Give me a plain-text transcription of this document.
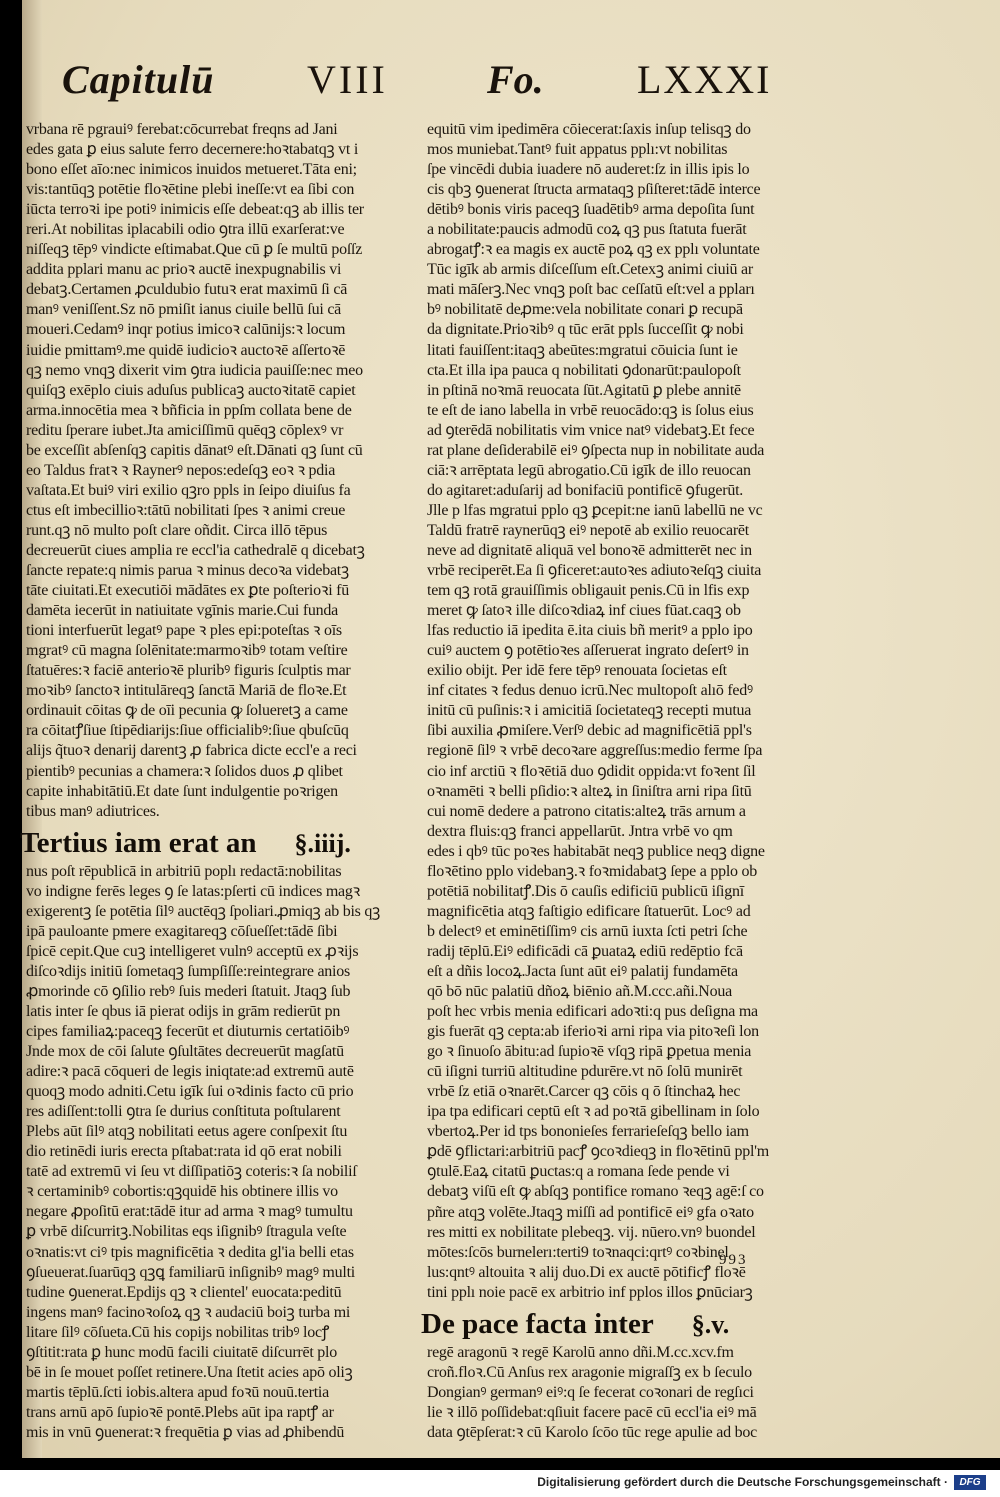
Capitulū VIII Fo. LXXXI
vrbana rē pgrauiꝰ ferebat:cōcurrebat freqns ad Jani
edes gata ꝑ eius salute ferro decernere:hoꝛtabatqꝫ vt i
bono eſſet aīo:nec inimicos inuidos metueret.Tāta eni;
vis:tantūqꝫ potētie floꝛētine plebi ineſſe:vt ea ſibi con
iūcta terroꝛi ipe potiꝰ inimicis eſſe debeat:qꝫ ab illis ter
reri.At nobilitas iplacabili odio ꝯtra illū exarſerat:ve
niſſeqꝫ tēpꝰ vindicte eſtimabat.Que cū ꝑ ſe multū poſſz
addita pplari manu ac prioꝛ auctē inexpugnabilis vi
debatꝫ.Certamen ꝓculdubio futuꝛ erat maximū ſi cā
manꝰ veniſſent.Sz nō pmiſit ianus ciuile bellū ſui cā
moueri.Cedamꝰ inqr potius imicoꝛ calūnijs:ꝛ locum
iuidie pmittamꝰ.me quidē iudicioꝛ auctoꝛē aſſertoꝛē
qꝫ nemo vnqꝫ dixerit vim ꝯtra iudicia pauiſſe:nec meo
quiſqꝫ exēplo ciuis aduſus publicaꝫ auctoꝛitatē capiet
arma.innocētia mea ꝛ bñficia in ppſm collata bene de
reditu ſperare iubet.Jta amiciſſimū quēqꝫ cōplexꝰ vr
be exceſſit abſenſqꝫ capitis dānatꝰ eſt.Dānati qꝫ ſunt cū
eo Taldus fratꝛ ꝛ Raynerꝰ nepos:edeſqꝫ eoꝛ ꝛ pdia
vaſtata.Et buiꝰ viri exilio qꝫro ppls in ſeipo diuiſus fa
ctus eſt imbecillioꝛ:tātū nobilitati ſpes ꝛ animi creue
runt.qꝫ nō multo poſt clare oñdit. Circa illō tēpus
decreuerūt ciues amplia re eccl'ia cathedralē q dicebatꝫ
ſancte repate:q nimis parua ꝛ minus decoꝛa videbatꝫ
tāte ciuitati.Et executiōi mādātes ex ꝑte poſterioꝛi fū
damēta iecerūt in natiuitate vgīnis marie.Cui funda
tioni interfuerūt legatꝰ pape ꝛ ples epi:poteſtas ꝛ oīs
mgratꝰ cū magna ſolēnitate:marmoꝛibꝰ totam veſtire
ſtatuēres:ꝛ faciē anterioꝛē pluribꝰ figuris ſculptis mar
moꝛibꝰ ſanctoꝛ intitulāreqꝫ ſanctā Mariā de floꝛe.Et
ordinauit cōitas ꝙ de oīi pecunia ꝙ ſolueretꝫ a came
ra cōitatꝭſiue ſtipēdiarijs:ſiue officialibꝰ:ſiue qbuſcūq
alijs q̃tuoꝛ denarij darentꝫ ꝓ fabrica dicte eccl'e a reci
pientibꝰ pecunias a chamera:ꝛ ſolidos duos ꝓ qlibet
capite inhabitātiū.Et date ſunt indulgentie poꝛrigen
tibus manꝰ adiutrices.
Tertius iam erat an §.iiij.
nus poſt rēpublicā in arbitriū poplı redactā:nobilitas
vo indigne ferēs leges ꝯ ſe latas:pſerti cū indices magꝛ
exigerentꝫ ſe potētia ſilꝰ auctēqꝫ ſpoliari.ꝓmiqꝫ ab bis qꝫ
ipā pauloante pmere exagitareqꝫ cōſueſſet:tādē ſibi
ſpicē cepit.Que cuꝫ intelligeret vulnꝰ acceptū ex ꝓꝛijs
diſcoꝛdijs initiū ſometaqꝫ ſumpſiſſe:reintegrare anios
ꝓmorinde cō ꝯſilio rebꝰ ſuis mederi ſtatuit. Jtaqꝫ ſub
latis inter ſe qbus iā pierat odijs in grām redierūt pn
cipes familiaꝝ:paceqꝫ fecerūt et diuturnis certatiōibꝰ
Jnde mox de cōi ſalute ꝯſultātes decreuerūt magſatū
adire:ꝛ pacā cōqueri de legis iniqtate:ad extremū autē
quoqꝫ modo adniti.Cetu igīk ſui oꝛdinis facto cū prio
res adiſſent:tolli ꝯtra ſe durius conſtituta poſtularent
Plebs aūt ſilꝰ atqꝫ nobilitati eetus agere conſpexit ſtu
dio retinēdi iuris erecta pſtabat:rata id qō erat nobili
tatē ad extremū vi ſeu vt diſſipatiōꝫ coteris:ꝛ ſa nobiliſ
ꝛ certaminibꝰ cobortis:qꝫquidē his obtinere illis vo
negare ꝓpoſitū erat:tādē itur ad arma ꝛ magꝰ tumultu
ꝑ vrbē diſcurritꝫ.Nobilitas eqs iſignibꝰ ſtragula veſte
oꝛnatis:vt ciꝰ tpis magnificētia ꝛ dedita gl'ia belli etas
ꝯſueuerat.ſuarūqꝫ qꝫꝗ familiarū inſignibꝰ magꝰ multi
tudine ꝯuenerat.Epdijs qꝫ ꝛ clientel' euocata:peditū
ingens manꝰ facinoꝛoſoꝝ qꝫ ꝛ audaciū boiꝫ turba mi
litare ſilꝰ cōſueta.Cū his copijs nobilitas tribꝰ locꝭ
ꝯſtitit:rata ꝑ hunc modū facili ciuitatē diſcurrēt plo
bē in ſe mouet poſſet retinere.Una ſtetit acies apō oliꝫ
martis tēplū.ſcti iobis.altera apud foꝛū nouū.tertia
trans arnū apō ſupioꝛē pontē.Plebs aūt ipa raptꝭ ar
mis in vnū ꝯuenerat:ꝛ frequētia ꝑ vias ad ꝓhibendū
equitū vim ipedimēra cōiecerat:ſaxis inſup telisqꝫ do
mos muniebat.Tantꝰ fuit appatus pplı:vt nobilitas
ſpe vincēdi dubia iuadere nō auderet:ſz in illis ipis lo
cis qbꝫ ꝯuenerat ſtructa armataqꝫ pſiſteret:tādē interce
dētibꝰ bonis viris paceqꝫ ſuadētibꝰ arma depoſita ſunt
a nobilitate:paucis admodū coꝝ qꝫ pus ſtatuta fuerāt
abrogatꝭ:ꝛ ea magis ex auctē poꝝ qꝫ ex pplı voluntate
Tūc igīk ab armis diſceſſum eſt.Cetexꝫ animi ciuiū ar
mati māſerꝫ.Nec vnqꝫ poſt bac ceſſatū eſt:vel a ppları
bꝰ nobilitatē deꝓme:vela nobilitate conari ꝑ recupā
da dignitate.Prioꝛibꝰ q tūc erāt ppls ſucceſſit ꝙ nobi
litati fauiſſent:itaqꝫ abeūtes:mgratui cōuicia ſunt ie
cta.Et illa ipa pauca q nobilitati ꝯdonarūt:paulopoſt
in pſtinā noꝛmā reuocata ſūt.Agitatū ꝑ plebe annitē
te eſt de iano labella in vrbē reuocādo:qꝫ is ſolus eius
ad ꝯterēdā nobilitatis vim vnice natꝰ videbatꝫ.Et fece
rat plane deſiderabilē eiꝰ ꝯſpecta nup in nobilitate auda
ciā:ꝛ arrēptata legū abrogatio.Cū igīk de illo reuocan
do agitaret:aduſarij ad bonifaciū pontificē ꝯfugerūt.
Jlle p lfas mgratui pplo qꝫ ꝑcepit:ne ianū labellū ne vc
Taldū fratrē raynerūqꝫ eiꝰ nepotē ab exilio reuocarēt
neve ad dignitatē aliquā vel bonoꝛē admitterēt nec in
vrbē reciperēt.Ea ſi ꝯficeret:autoꝛes adiutoꝛeſqꝫ ciuita
tem qꝫ rotā grauiſſimis obligauit penis.Cū in lfis exp
meret ꝙ ſatoꝛ ille diſcoꝛdiaꝝ inf ciues fūat.caqꝫ ob
lfas reductio iā ipedita ē.ita ciuis bñ meritꝰ a pplo ipo
cuiꝰ auctem ꝯ potētioꝛes aſſeruerat ingrato deſertꝰ in
exilio obijt. Per idē fere tēpꝰ renouata ſocietas eſt
inf citates ꝛ fedus denuo icrū.Nec multopoſt alıō fedꝰ
initū cū puſinis:ꝛ i amicitiā ſocietateqꝫ recepti mutua
ſibi auxilia ꝓmiſere.Verſꝰ debic ad magnificētiā ppl's
regionē ſilꝰ ꝛ vrbē decoꝛare aggreſſus:medio ferme ſpa
cio inf arctiū ꝛ floꝛētiā duo ꝯdidit oppida:vt foꝛent ſil
oꝛnamēti ꝛ belli pſidio:ꝛ alteꝝ in ſiniſtra arni ripa ſitū
cui nomē dedere a patrono citatis:alteꝝ trās arnum a
dextra fluis:qꝫ franci appellarūt. Jntra vrbē vo qm
edes i qbꝰ tūc poꝛes habitabāt neqꝫ publice neqꝫ digne
floꝛētino pplo videbanꝫ.ꝛ foꝛmidabatꝫ ſepe a pplo ob
potētiā nobilitatꝭ.Dis ō cauſis edificiū publicū iſignī
magnificētia atqꝫ faſtigio edificare ſtatuerūt. Locꝰ ad
b delectꝰ et eminētiſſimꝰ cis arnū iuxta ſcti petri ſche
radij tēplū.Eiꝰ edificādi cā ꝑuataꝝ ediū redēptio fcā
eſt a dñis locoꝝ.Jacta ſunt aūt eiꝰ palatij fundamēta
qō bō nūc palatiū dñoꝝ biēnio añ.M.ccc.añi.Noua
poſt hec vrbis menia edificari adoꝛti:q pus deſigna ma
gis fuerāt qꝫ cepta:ab iferioꝛi arni ripa via pitoꝛeſi lon
go ꝛ ſinuoſo ābitu:ad ſupioꝛē vſqꝫ ripā ꝑpetua menia
cū iſigni turriū altitudine pdurēre.vt nō ſolū munirēt
vrbē ſz etiā oꝛnarēt.Carcer qꝫ cōis q ō ſtinchaꝝ hec
ipa tpa edificari ceptū eſt ꝛ ad poꝛtā gibellinam in ſolo
vbertoꝝ.Per id tps bononieſes ferrarieſeſqꝫ bello iam
ꝑdē ꝯflictari:arbitriū pacꝭ ꝯcoꝛdieqꝫ in floꝛētinū ppl'm
ꝯtulē.Eaꝝ citatū ꝑuctas:q a romana ſede pende vi
debatꝫ viſū eſt ꝙ abſqꝫ pontifice romano ꝛeqꝫ agē:ſ co
pñre atqꝫ volēte.Jtaqꝫ miſſi ad pontificē eiꝰ gfa oꝛato
res mitti ex nobilitate plebeqꝫ. vij. nūero.vnꝰ buondel
mōtes:ſcōs burnelerı:terti9 toꝛnaqci:qrtꝰ coꝛbinel
lus:qntꝰ altouita ꝛ alij duo.Di ex auctē pōtificꝭ floꝛē
tini pplı noie pacē ex arbitrio inf pplos illos ꝑnūciarꝫ
De pace facta inter §.v.
regē aragonū ꝛ regē Karolū anno dñi.M.cc.xcv.fm
croñ.floꝛ.Cū Anſus rex aragonie migraſſꝫ ex b ſeculo
Dongianꝰ germanꝰ eiꝰ:q ſe fecerat coꝛonari de regſıci
lie ꝛ illō poſſidebat:qſiuit facere pacē cū eccl'ia eiꝰ mā
data ꝯtēpſerat:ꝛ cū Karolo ſcōo tūc rege apulie ad boc
993
Digitalisierung gefördert durch die Deutsche Forschungsgemeinschaft ·	DFG
